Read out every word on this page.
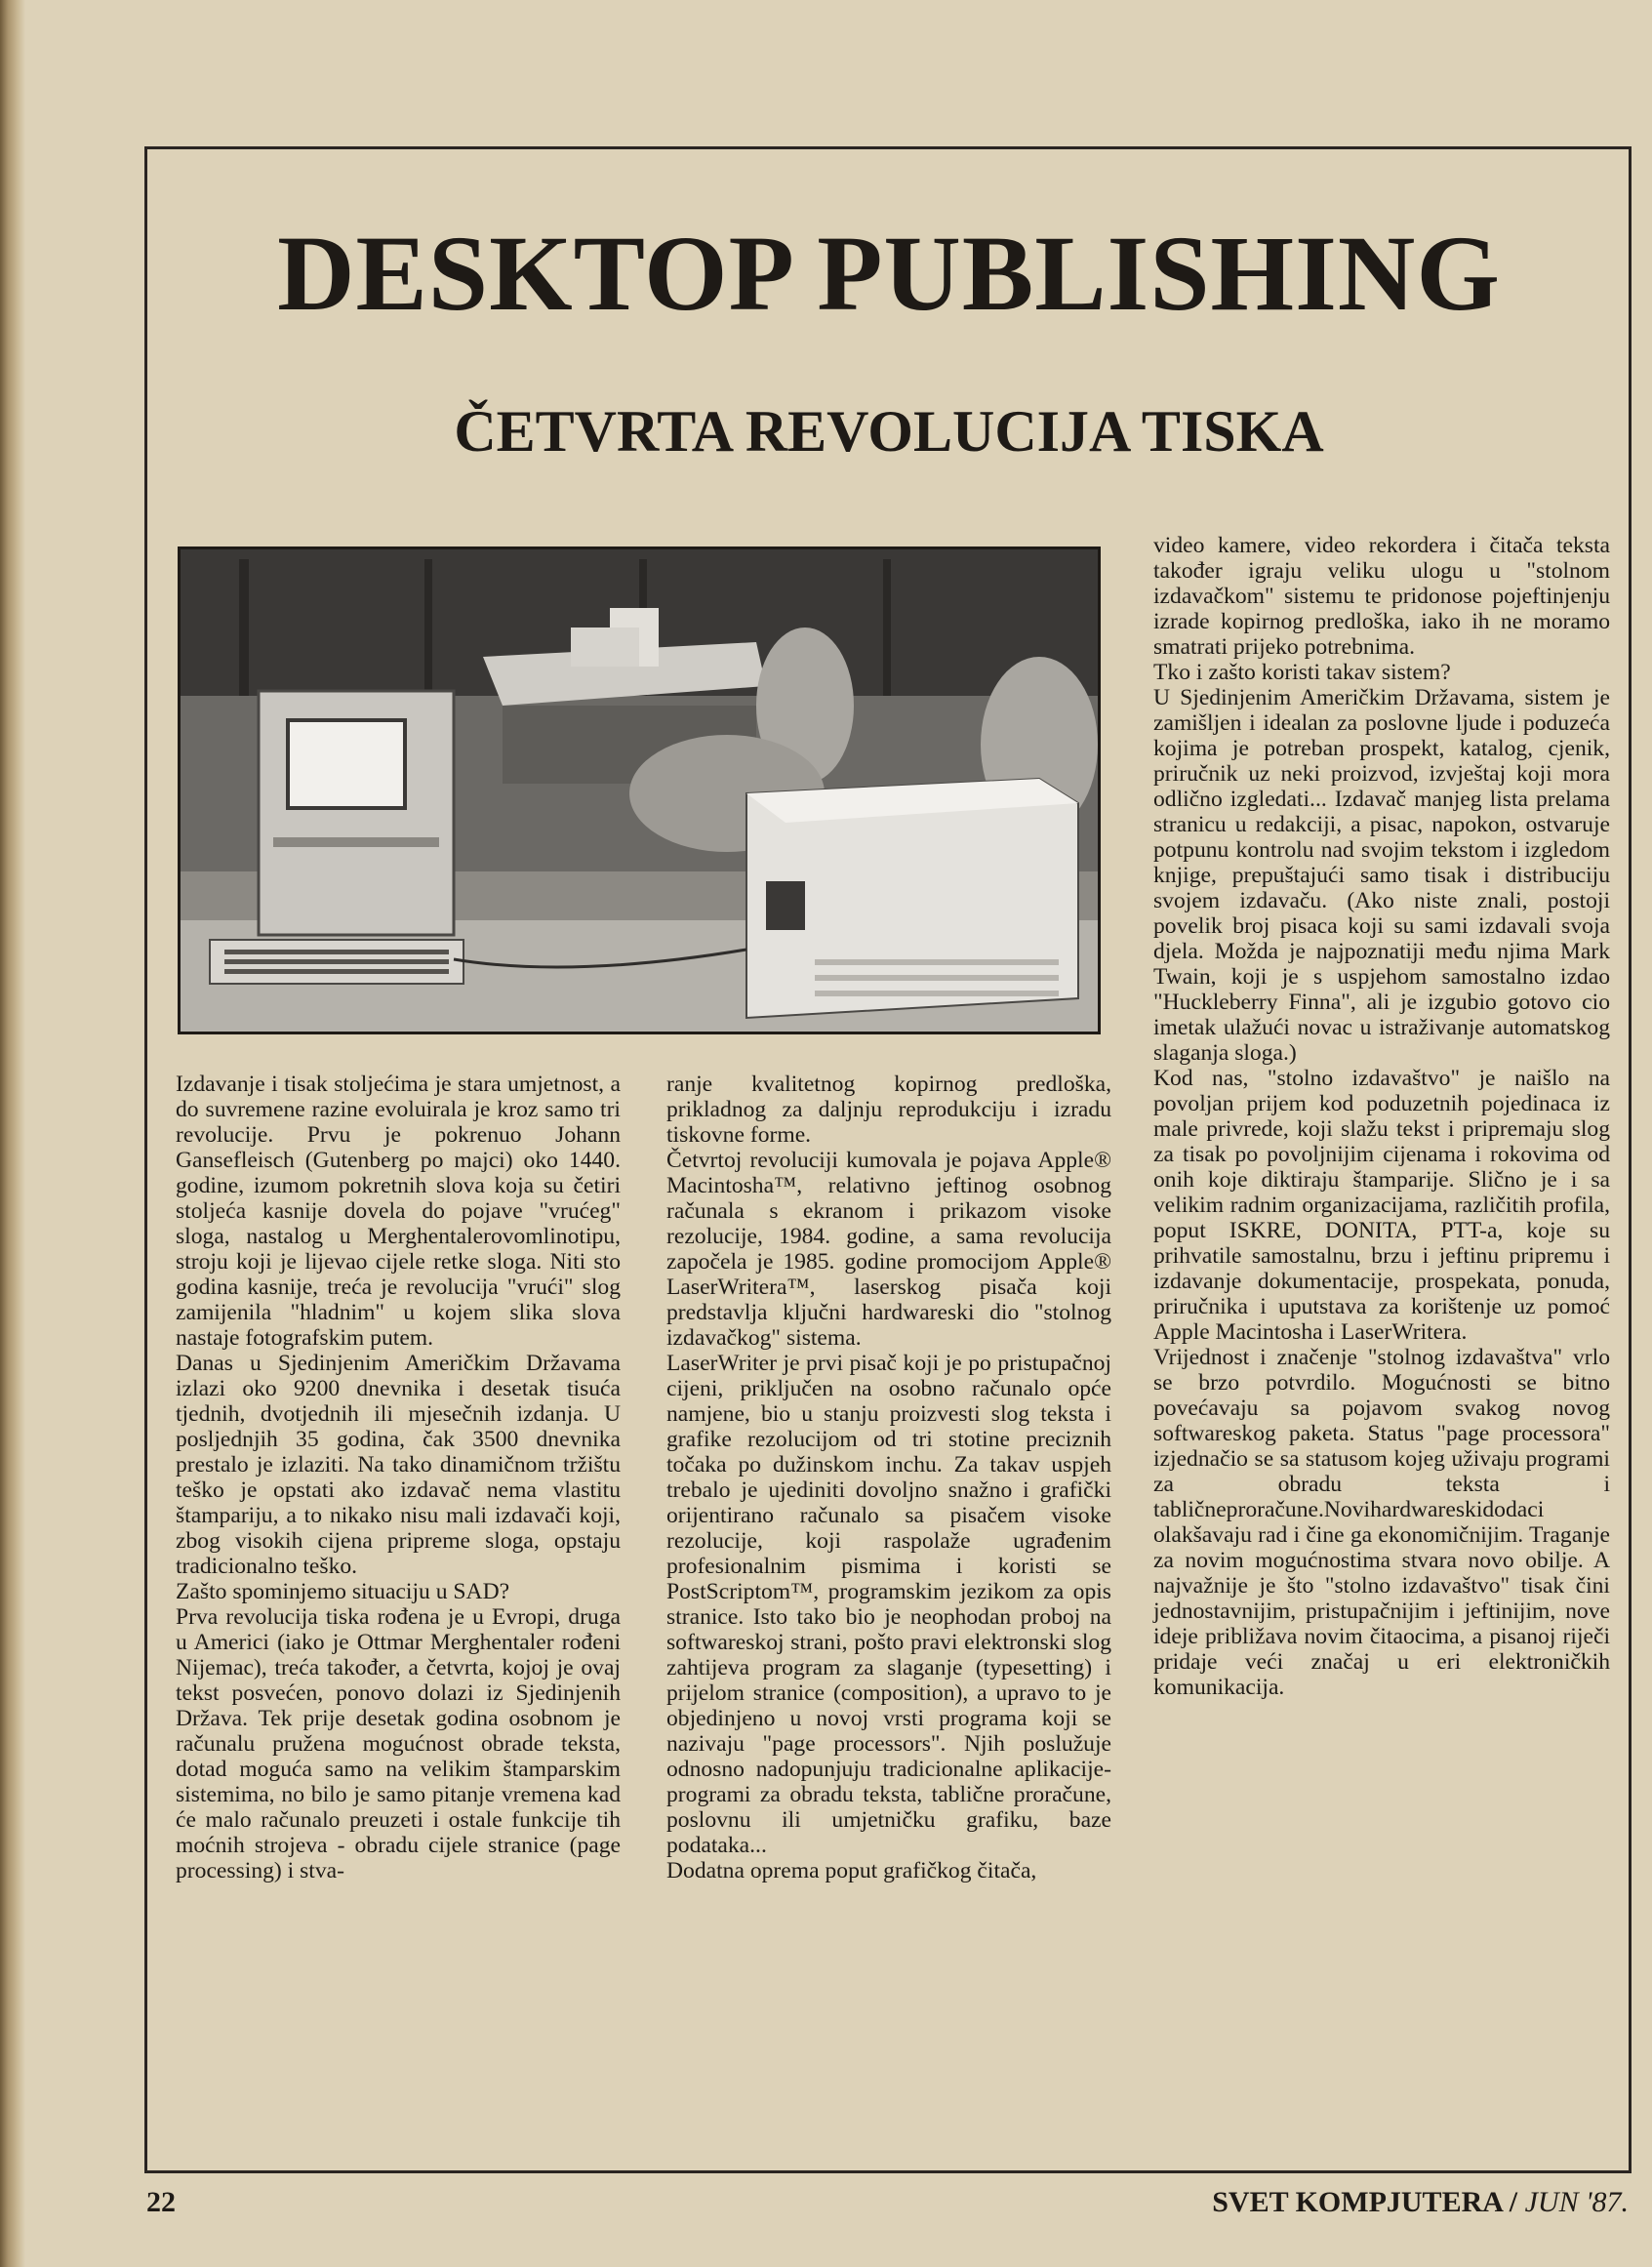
DESKTOP PUBLISHING
ČETVRTA REVOLUCIJA TISKA

Izdavanje i tisak stoljećima je stara umjetnost, a do suvremene razine evoluirala je kroz samo tri revolucije. Prvu je pokrenuo Johann Gansefleisch (Gutenberg po majci) oko 1440. godine, izumom pokretnih slova koja su četiri stoljeća kasnije dovela do pojave "vrućeg" sloga, nastalog u Merghentalerovomlinotipu, stroju koji je lijevao cijele retke sloga. Niti sto godina kasnije, treća je revolucija "vrući" slog zamijenila "hladnim" u kojem slika slova nastaje fotografskim putem.

Danas u Sjedinjenim Američkim Državama izlazi oko 9200 dnevnika i desetak tisuća tjednih, dvotjednih ili mjesečnih izdanja. U posljednjih 35 godina, čak 3500 dnevnika prestalo je izlaziti. Na tako dinamičnom tržištu teško je opstati ako izdavač nema vlastitu štampariju, a to nikako nisu mali izdavači koji, zbog visokih cijena pripreme sloga, opstaju tradicionalno teško.

Zašto spominjemo situaciju u SAD?

Prva revolucija tiska rođena je u Evropi, druga u Americi (iako je Ottmar Merghentaler rođeni Nijemac), treća također, a četvrta, kojoj je ovaj tekst posvećen, ponovo dolazi iz Sjedinjenih Država. Tek prije desetak godina osobnom je računalu pružena mogućnost obrade teksta, dotad moguća samo na velikim štamparskim sistemima, no bilo je samo pitanje vremena kad će malo računalo preuzeti i ostale funkcije tih moćnih strojeva - obradu cijele stranice (page processing) i stva-

ranje kvalitetnog kopirnog predloška, prikladnog za daljnju reprodukciju i izradu tiskovne forme.

Četvrtoj revoluciji kumovala je pojava Apple® Macintosha™, relativno jeftinog osobnog računala s ekranom i prikazom visoke rezolucije, 1984. godine, a sama revolucija započela je 1985. godine promocijom Apple® LaserWritera™, laserskog pisača koji predstavlja ključni hardwareski dio "stolnog izdavačkog" sistema.

LaserWriter je prvi pisač koji je po pristupačnoj cijeni, priključen na osobno računalo opće namjene, bio u stanju proizvesti slog teksta i grafike rezolucijom od tri stotine preciznih točaka po dužinskom inchu. Za takav uspjeh trebalo je ujediniti dovoljno snažno i grafički orijentirano računalo sa pisačem visoke rezolucije, koji raspolaže ugrađenim profesionalnim pismima i koristi se PostScriptom™, programskim jezikom za opis stranice. Isto tako bio je neophodan proboj na softwareskoj strani, pošto pravi elektronski slog zahtijeva program za slaganje (typesetting) i prijelom stranice (composition), a upravo to je objedinjeno u novoj vrsti programa koji se nazivaju "page processors". Njih poslužuje odnosno nadopunjuju tradicionalne aplikacije-programi za obradu teksta, tablične proračune, poslovnu ili umjetničku grafiku, baze podataka...

Dodatna oprema poput grafičkog čitača,

video kamere, video rekordera i čitača teksta također igraju veliku ulogu u "stolnom izdavačkom" sistemu te pridonose pojeftinjenju izrade kopirnog predloška, iako ih ne moramo smatrati prijeko potrebnima.

Tko i zašto koristi takav sistem?

U Sjedinjenim Američkim Državama, sistem je zamišljen i idealan za poslovne ljude i poduzeća kojima je potreban prospekt, katalog, cjenik, priručnik uz neki proizvod, izvještaj koji mora odlično izgledati... Izdavač manjeg lista prelama stranicu u redakciji, a pisac, napokon, ostvaruje potpunu kontrolu nad svojim tekstom i izgledom knjige, prepuštajući samo tisak i distribuciju svojem izdavaču. (Ako niste znali, postoji povelik broj pisaca koji su sami izdavali svoja djela. Možda je najpoznatiji među njima Mark Twain, koji je s uspjehom samostalno izdao "Huckleberry Finna", ali je izgubio gotovo cio imetak ulažući novac u istraživanje automatskog slaganja sloga.)

Kod nas, "stolno izdavaštvo" je naišlo na povoljan prijem kod poduzetnih pojedinaca iz male privrede, koji slažu tekst i pripremaju slog za tisak po povoljnijim cijenama i rokovima od onih koje diktiraju štamparije. Slično je i sa velikim radnim organizacijama, različitih profila, poput ISKRE, DONITA, PTT-a, koje su prihvatile samostalnu, brzu i jeftinu pripremu i izdavanje dokumentacije, prospekata, ponuda, priručnika i uputstava za korištenje uz pomoć Apple Macintosha i LaserWritera.

Vrijednost i značenje "stolnog izdavaštva" vrlo se brzo potvrdilo. Mogućnosti se bitno povećavaju sa pojavom svakog novog softwareskog paketa. Status "page processora" izjednačio se sa statusom kojeg uživaju programi za obradu teksta i tabličneproračune.Novihardwareskidodaci olakšavaju rad i čine ga ekonomičnijim. Traganje za novim mogućnostima stvara novo obilje. A najvažnije je što "stolno izdavaštvo" tisak čini jednostavnijim, pristupačnijim i jeftinijim, nove ideje približava novim čitaocima, a pisanoj riječi pridaje veći značaj u eri elektroničkih komunikacija.

22	SVET KOMPJUTERA / JUN '87.
